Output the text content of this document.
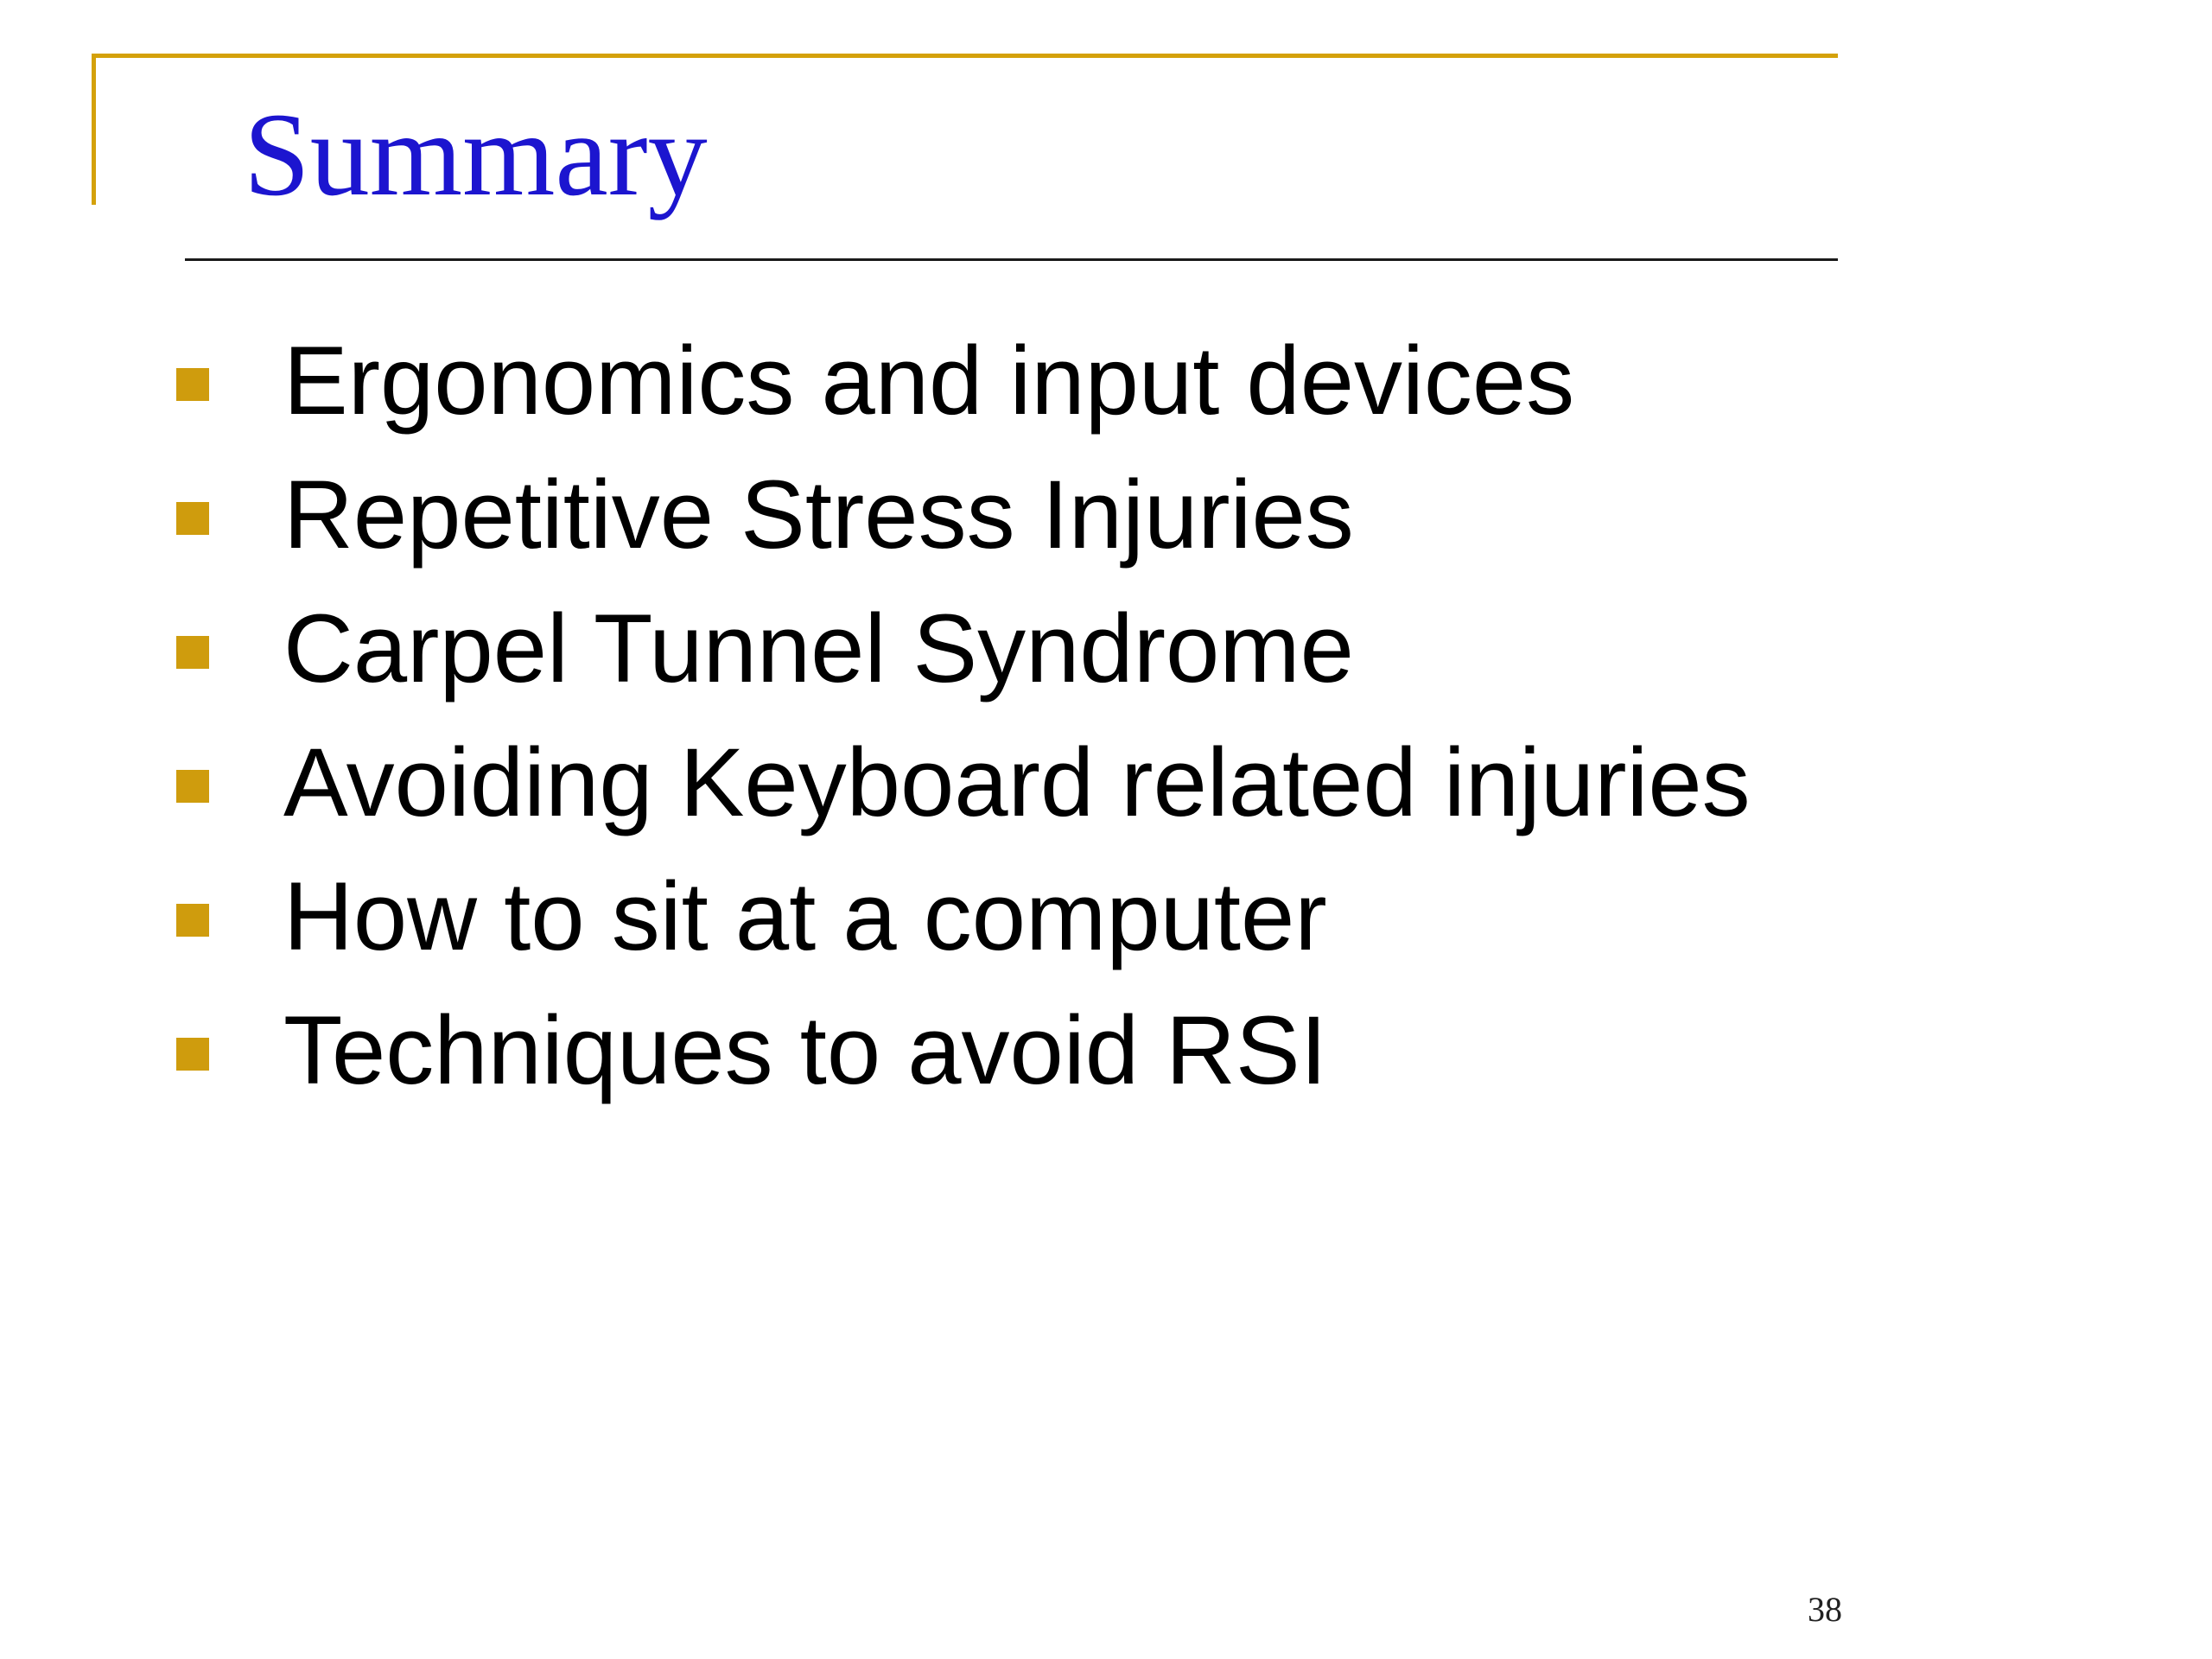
Summary
Ergonomics and input devices
Repetitive Stress Injuries
Carpel Tunnel Syndrome
Avoiding Keyboard related injuries
How to sit at a computer
Techniques to avoid RSI
38
